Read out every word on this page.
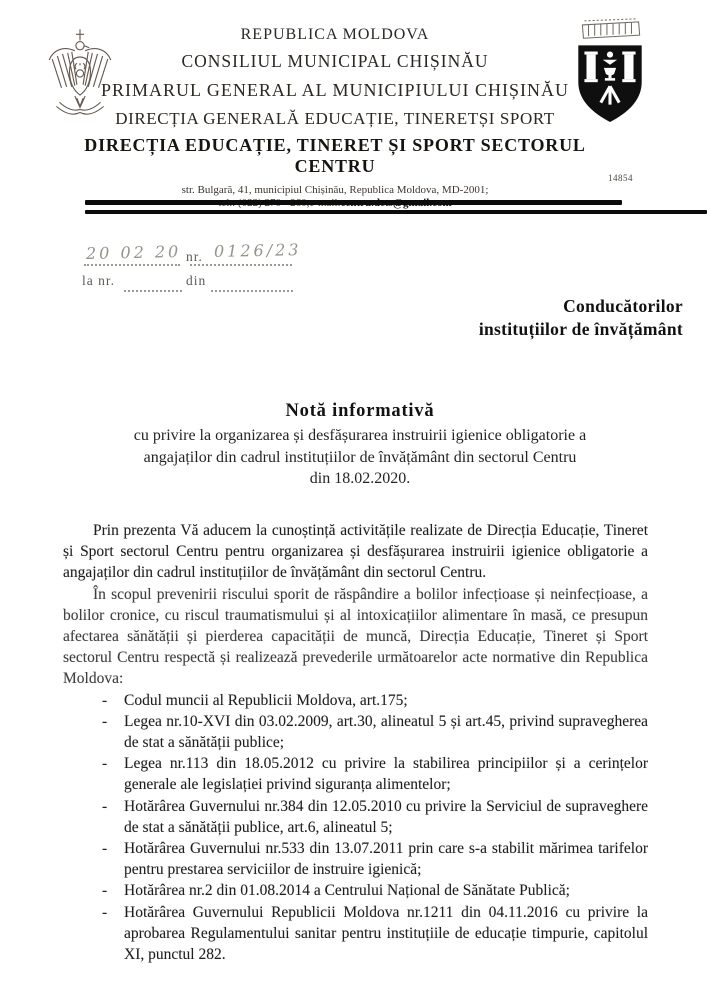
REPUBLICA MOLDOVA
CONSILIUL MUNICIPAL CHIȘINĂU
PRIMARUL GENERAL AL MUNICIPIULUI CHIȘINĂU
DIRECȚIA GENERALĂ EDUCAȚIE, TINERETȘI SPORT
DIRECȚIA EDUCAȚIE, TINERET ȘI SPORT SECTORUL CENTRU
str. Bulgară, 41, municipiul Chișinău, Republica Moldova, MD-2001;
14854
20 02 20 nr. 0126/23
la nr.	din
Conducătorilor
instituțiilor de învățământ
Notă informativă
cu privire la organizarea și desfășurarea instruirii igienice obligatorie a
angajaților din cadrul instituțiilor de învățământ din sectorul Centru
din 18.02.2020.

Prin prezenta Vă aducem la cunoștință activitățile realizate de Direcția Educație, Tineret și Sport sectorul Centru pentru organizarea și desfășurarea instruirii igienice obligatorie a angajaților din cadrul instituțiilor de învățământ din sectorul Centru.

În scopul prevenirii riscului sporit de răspândire a bolilor infecțioase și neinfecțioase, a bolilor cronice, cu riscul traumatismului și al intoxicațiilor alimentare în masă, ce presupun afectarea sănătății și pierderea capacității de muncă, Direcția Educație, Tineret și Sport sectorul Centru respectă și realizează prevederile următoarelor acte normative din Republica Moldova:

- Codul muncii al Republicii Moldova, art.175;
- Legea nr.10-XVI din 03.02.2009, art.30, alineatul 5 și art.45, privind supravegherea de stat a sănătății publice;
- Legea nr.113 din 18.05.2012 cu privire la stabilirea principiilor și a cerințelor generale ale legislației privind siguranța alimentelor;
- Hotărârea Guvernului nr.384 din 12.05.2010 cu privire la Serviciul de supraveghere de stat a sănătății publice, art.6, alineatul 5;
- Hotărârea Guvernului nr.533 din 13.07.2011 prin care s-a stabilit mărimea tarifelor pentru prestarea serviciilor de instruire igienică;
- Hotărârea nr.2 din 01.08.2014 a Centrului Național de Sănătate Publică;
- Hotărârea Guvernului Republicii Moldova nr.1211 din 04.11.2016 cu privire la aprobarea Regulamentului sanitar pentru instituțiile de educație timpurie, capitolul XI, punctul 282.
